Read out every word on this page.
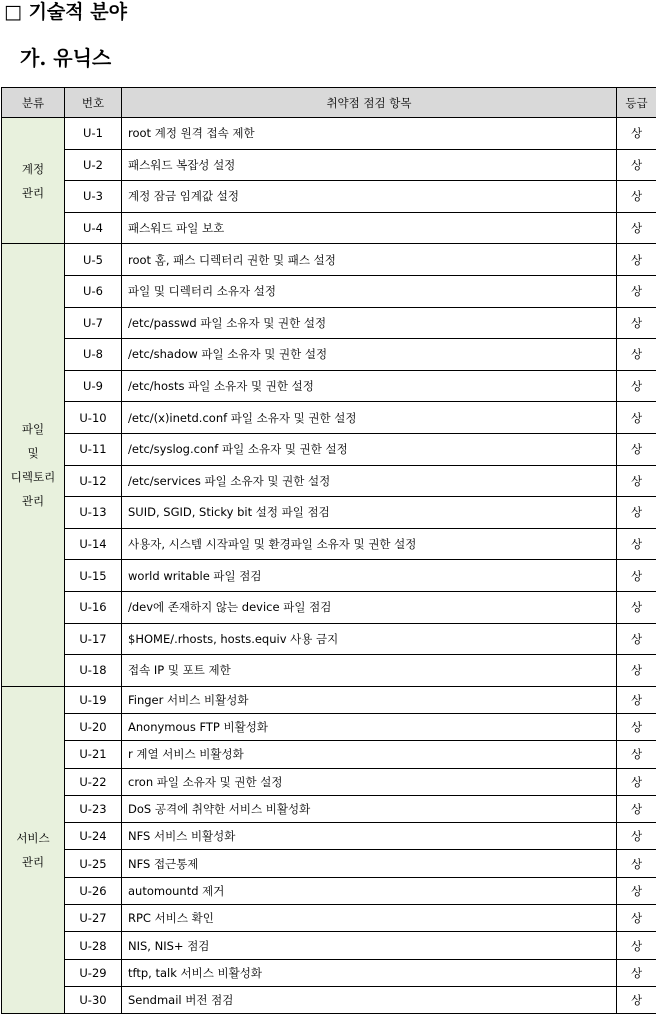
□ 기술적 분야
가. 유닉스
분류	번호	취약점 점검 항목	등급

계정
관리	U-1	root 계정 원격 접속 제한	상
	U-2	패스워드 복잡성 설정	상
	U-3	계정 잠금 임계값 설정	상
	U-4	패스워드 파일 보호	상

파일
및
디렉토리
관리	U-5	root 홈, 패스 디렉터리 권한 및 패스 설정	상
	U-6	파일 및 디렉터리 소유자 설정	상
	U-7	/etc/passwd 파일 소유자 및 권한 설정	상
	U-8	/etc/shadow 파일 소유자 및 권한 설정	상
	U-9	/etc/hosts 파일 소유자 및 권한 설정	상
	U-10	/etc/(x)inetd.conf 파일 소유자 및 권한 설정	상
	U-11	/etc/syslog.conf 파일 소유자 및 권한 설정	상
	U-12	/etc/services 파일 소유자 및 권한 설정	상
	U-13	SUID, SGID, Sticky bit 설정 파일 점검	상
	U-14	사용자, 시스템 시작파일 및 환경파일 소유자 및 권한 설정	상
	U-15	world writable 파일 점검	상
	U-16	/dev에 존재하지 않는 device 파일 점검	상
	U-17	$HOME/.rhosts, hosts.equiv 사용 금지	상
	U-18	접속 IP 및 포트 제한	상

서비스
관리	U-19	Finger 서비스 비활성화	상
	U-20	Anonymous FTP 비활성화	상
	U-21	r 계열 서비스 비활성화	상
	U-22	cron 파일 소유자 및 권한 설정	상
	U-23	DoS 공격에 취약한 서비스 비활성화	상
	U-24	NFS 서비스 비활성화	상
	U-25	NFS 접근통제	상
	U-26	automountd 제거	상
	U-27	RPC 서비스 확인	상
	U-28	NIS, NIS+ 점검	상
	U-29	tftp, talk 서비스 비활성화	상
	U-30	Sendmail 버전 점검	상
